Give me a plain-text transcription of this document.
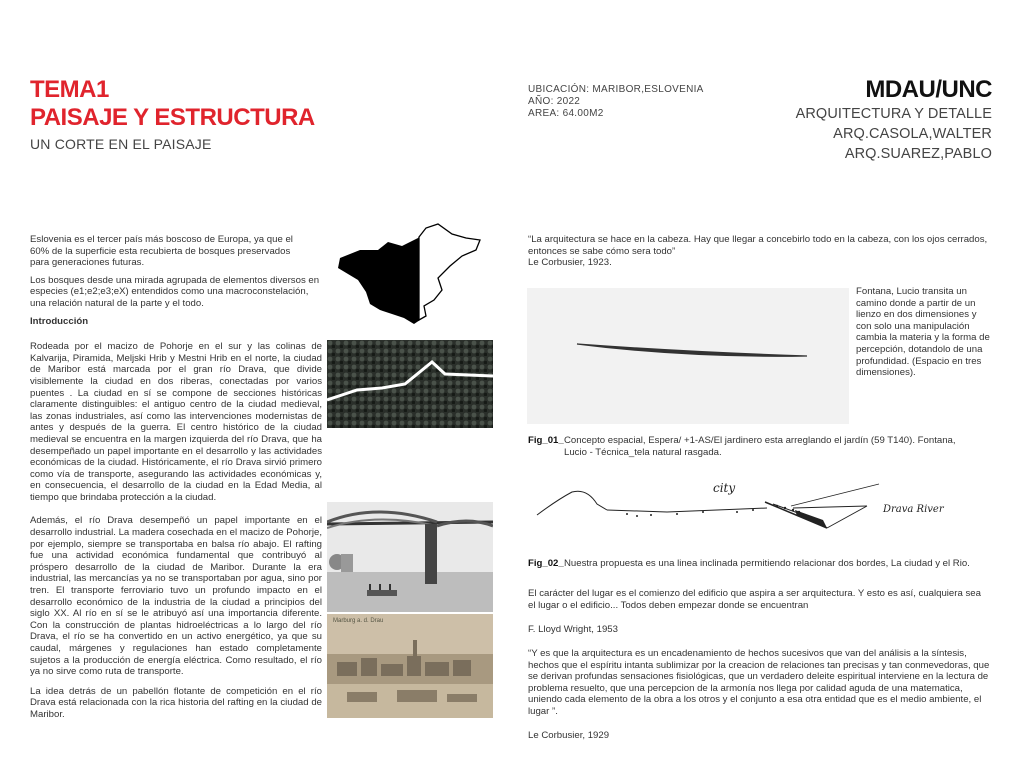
TEMA1
PAISAJE Y ESTRUCTURA
UN CORTE EN EL PAISAJE
UBICACIÓN: MARIBOR,ESLOVENIA
AÑO: 2022
AREA: 64.00M2
MDAU/UNC
ARQUITECTURA Y DETALLE
ARQ.CASOLA,WALTER
ARQ.SUAREZ,PABLO

Eslovenia es el tercer país más boscoso de Europa, ya que el 60% de la superficie esta recubierta de bosques preservados para generaciones futuras.

Los bosques desde una mirada agrupada de elementos diversos en especies (e1;e2;e3;eX) entendidos como una macroconstelación, una relación natural de la parte y el todo.

Introducción

Rodeada por el macizo de Pohorje en el sur y las colinas de Kalvarija, Piramida, Meljski Hrib y Mestni Hrib en el norte, la ciudad de Maribor está marcada por el gran río Drava, que divide visiblemente la ciudad en dos riberas, conectadas por varios puentes . La ciudad en sí se compone de secciones históricas claramente distinguibles: el antiguo centro de la ciudad medieval, las zonas industriales, así como las intervenciones modernistas de antes y después de la guerra. El centro histórico de la ciudad medieval se encuentra en la margen izquierda del río Drava, que ha desempeñado un papel importante en el desarrollo y las actividades económicas de la ciudad. Históricamente, el río Drava sirvió primero como vía de transporte, asegurando las actividades económicas y, en consecuencia, el desarrollo de la ciudad en la Edad Media, al tiempo que brindaba protección a la ciudad.

Además, el río Drava desempeñó un papel importante en el desarrollo industrial. La madera cosechada en el macizo de Pohorje, por ejemplo, siempre se transportaba en balsa río abajo. El rafting fue una actividad económica fundamental que contribuyó al próspero desarrollo de la ciudad de Maribor. Durante la era industrial, las mercancías ya no se transportaban por agua, sino por tren. El transporte ferroviario tuvo un profundo impacto en el desarrollo económico de la industria de la ciudad a principios del siglo XX. Al río en sí se le atribuyó así una importancia diferente. Con la construcción de plantas hidroeléctricas a lo largo del río Drava, el río se ha convertido en un activo energético, ya que su caudal, márgenes y regulaciones han estado completamente sujetos a la producción de energía eléctrica. Como resultado, el río ya no sirve como ruta de transporte.

La idea detrás de un pabellón flotante de competición en el río Drava está relacionada con la rica historia del rafting en la ciudad de Maribor.

Marburg a. d. Drau
“La arquitectura se hace en la cabeza. Hay que llegar a concebirlo todo en la cabeza, con los ojos cerrados, entonces se sabe cómo sera todo”
Le Corbusier, 1923.
Fontana, Lucio transita un camino donde a partir de un lienzo en dos dimensiones y con solo una manipulación cambia la materia y la forma de percepción, dotandolo de una profundidad. (Espacio en tres dimensiones).
Fig_01_ Concepto espacial, Espera/ +1-AS/El jardinero esta arreglando el jardín (59 T140). Fontana, Lucio - Técnica_tela natural rasgada.
city
Drava River
Fig_02_ Nuestra propuesta es una linea inclinada permitiendo relacionar dos bordes, La ciudad y el Rio.
El carácter del lugar es el comienzo del edificio que aspira a ser arquitectura. Y esto es así, cualquiera sea el lugar o el edificio... Todos deben empezar donde se encuentran
F. Lloyd Wright, 1953
“Y es que la arquitectura es un encadenamiento de hechos sucesivos que van del análisis a la síntesis, hechos que el espíritu intanta sublimizar por la creacion de relaciones tan precisas y tan conmevedoras, que se derivan profundas sensaciones fisiológicas, que un verdadero deleite espiritual interviene en la lectura de problema resuelto, que una percepcion de la armonía nos llega por calidad aguda de una matematica, uniendo cada elemento de la obra a los otros y el conjunto a esa otra entidad que es el medio ambiente, el lugar ”.
Le Corbusier, 1929
